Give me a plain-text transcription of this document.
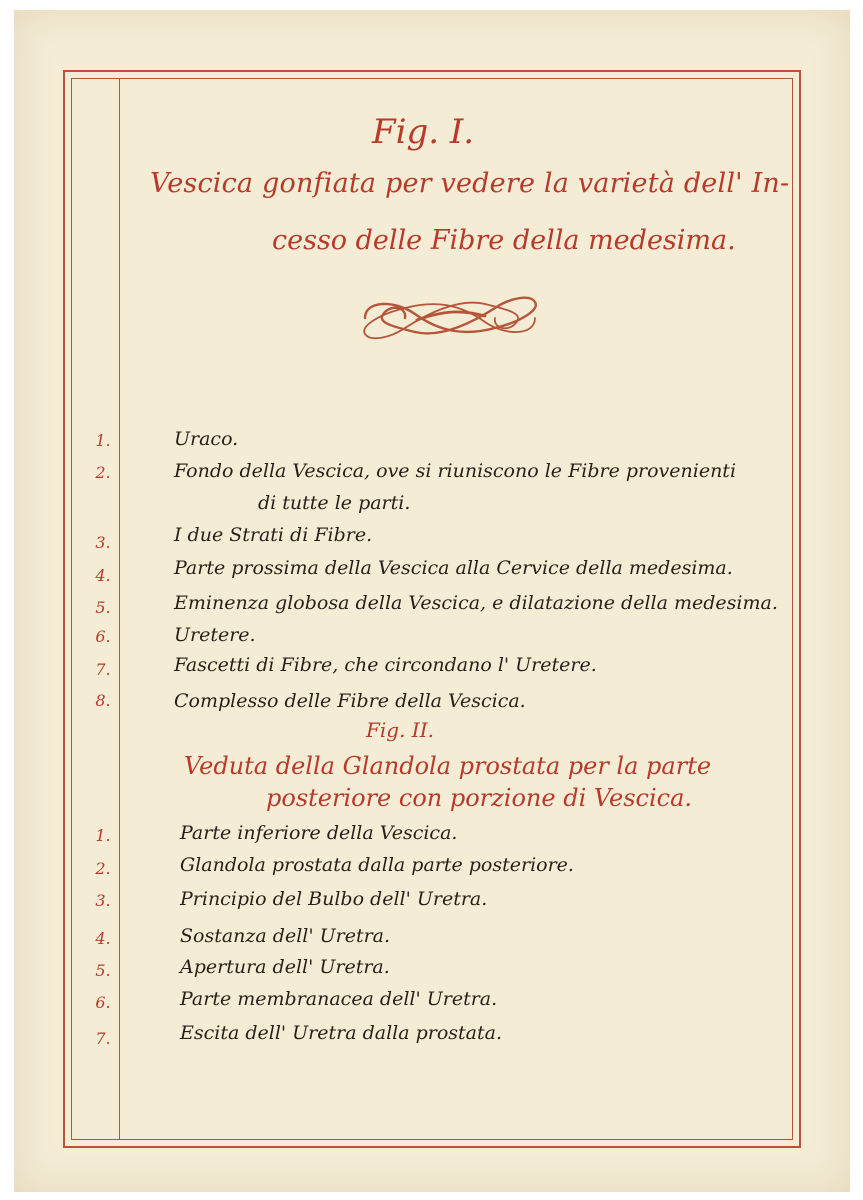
Fig. I.
Vescica gonfiata per vedere la varietà dell' In-
cesso delle Fibre della medesima.
1.	Uraco.
2.	Fondo della Vescica, ove si riuniscono le Fibre provenienti
di tutte le parti.
3.	I due Strati di Fibre.
4.	Parte prossima della Vescica alla Cervice della medesima.
5.	Eminenza globosa della Vescica, e dilatazione della medesima.
6.	Uretere.
7.	Fascetti di Fibre, che circondano l' Uretere.
8.	Complesso delle Fibre della Vescica.
Fig. II.
Veduta della Glandola prostata per la parte
posteriore con porzione di Vescica.
1.	Parte inferiore della Vescica.
2.	Glandola prostata dalla parte posteriore.
3.	Principio del Bulbo dell' Uretra.
4.	Sostanza dell' Uretra.
5.	Apertura dell' Uretra.
6.	Parte membranacea dell' Uretra.
7.	Escita dell' Uretra dalla prostata.
